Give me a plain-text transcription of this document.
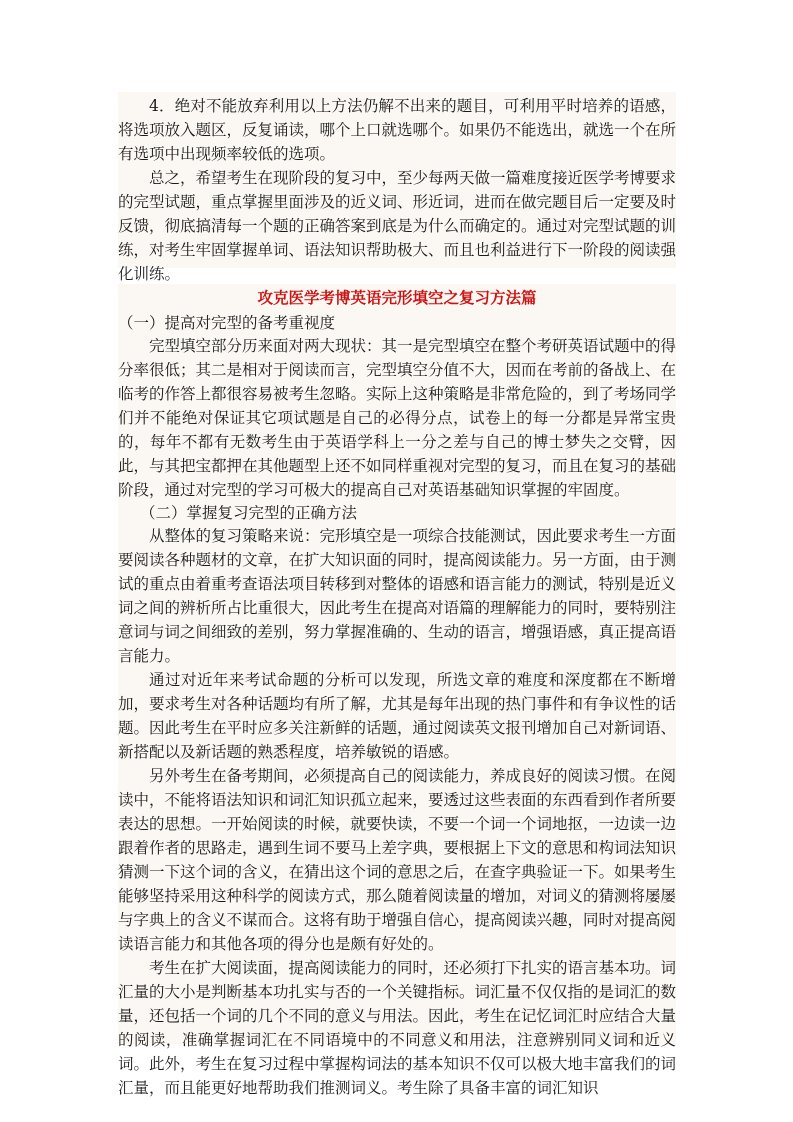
4．绝对不能放弃利用以上方法仍解不出来的题目，可利用平时培养的语感，将选项放入题区，反复诵读，哪个上口就选哪个。如果仍不能选出，就选一个在所有选项中出现频率较低的选项。

总之，希望考生在现阶段的复习中，至少每两天做一篇难度接近医学考博要求的完型试题，重点掌握里面涉及的近义词、形近词，进而在做完题目后一定要及时反馈，彻底搞清每一个题的正确答案到底是为什么而确定的。通过对完型试题的训练，对考生牢固掌握单词、语法知识帮助极大、而且也利益进行下一阶段的阅读强化训练。

攻克医学考博英语完形填空之复习方法篇

（一）提高对完型的备考重视度

完型填空部分历来面对两大现状：其一是完型填空在整个考研英语试题中的得分率很低；其二是相对于阅读而言，完型填空分值不大，因而在考前的备战上、在临考的作答上都很容易被考生忽略。实际上这种策略是非常危险的，到了考场同学们并不能绝对保证其它项试题是自己的必得分点，试卷上的每一分都是异常宝贵的，每年不都有无数考生由于英语学科上一分之差与自己的博士梦失之交臂，因此，与其把宝都押在其他题型上还不如同样重视对完型的复习，而且在复习的基础阶段，通过对完型的学习可极大的提高自己对英语基础知识掌握的牢固度。

（二）掌握复习完型的正确方法

从整体的复习策略来说：完形填空是一项综合技能测试，因此要求考生一方面要阅读各种题材的文章，在扩大知识面的同时，提高阅读能力。另一方面，由于测试的重点由着重考查语法项目转移到对整体的语感和语言能力的测试，特别是近义词之间的辨析所占比重很大，因此考生在提高对语篇的理解能力的同时，要特别注意词与词之间细致的差别，努力掌握准确的、生动的语言，增强语感，真正提高语言能力。

通过对近年来考试命题的分析可以发现，所选文章的难度和深度都在不断增加，要求考生对各种话题均有所了解，尤其是每年出现的热门事件和有争议性的话题。因此考生在平时应多关注新鲜的话题，通过阅读英文报刊增加自己对新词语、新搭配以及新话题的熟悉程度，培养敏锐的语感。

另外考生在备考期间，必须提高自己的阅读能力，养成良好的阅读习惯。在阅读中，不能将语法知识和词汇知识孤立起来，要透过这些表面的东西看到作者所要表达的思想。一开始阅读的时候，就要快读，不要一个词一个词地抠，一边读一边跟着作者的思路走，遇到生词不要马上差字典，要根据上下文的意思和构词法知识猜测一下这个词的含义，在猜出这个词的意思之后，在查字典验证一下。如果考生能够坚持采用这种科学的阅读方式，那么随着阅读量的增加，对词义的猜测将屡屡与字典上的含义不谋而合。这将有助于增强自信心，提高阅读兴趣，同时对提高阅读语言能力和其他各项的得分也是颇有好处的。

考生在扩大阅读面，提高阅读能力的同时，还必须打下扎实的语言基本功。词汇量的大小是判断基本功扎实与否的一个关键指标。词汇量不仅仅指的是词汇的数量，还包括一个词的几个不同的意义与用法。因此，考生在记忆词汇时应结合大量的阅读，准确掌握词汇在不同语境中的不同意义和用法，注意辨别同义词和近义词。此外，考生在复习过程中掌握构词法的基本知识不仅可以极大地丰富我们的词汇量，而且能更好地帮助我们推测词义。考生除了具备丰富的词汇知识
